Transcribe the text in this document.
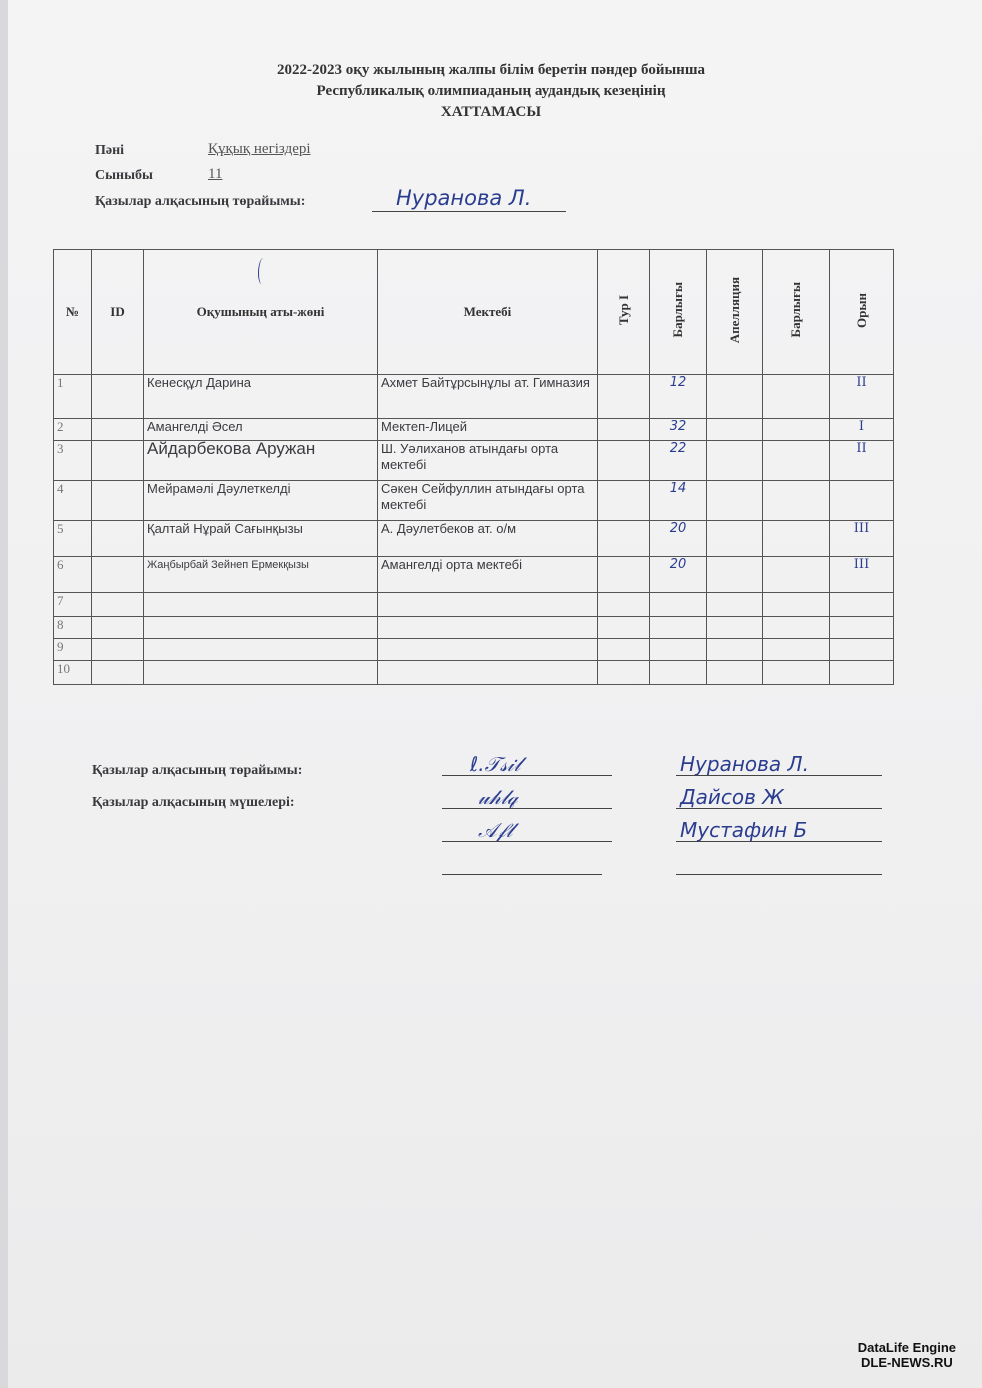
2022-2023 оқу жылының жалпы білім беретін пәндер бойынша
Республикалық олимпиаданың аудандық кезеңінің
ХАТТАМАСЫ
Пәні	Құқық негіздері
Сыныбы	11
Қазылар алқасының төрайымы:	Нуранова Л.
№	ID	Оқушының аты-жөні	Мектебі	Тур І	Барлығы	Апелляция	Барлығы	Орын
1		Кенесқұл Дарина	Ахмет Байтұрсынұлы ат. Гимназия		12			II
2		Амангелді Әсел	Мектеп-Лицей		32			I
3		Айдарбекова Аружан	Ш. Уәлиханов атындағы орта мектебі		22			II
4		Мейрамәлі Дәулеткелді	Сәкен Сейфуллин атындағы орта мектебі		14			
5		Қалтай Нұрай Сағынқызы	А. Дәулетбеков ат. о/м		20			III
6		Жаңбырбай Зейнеп Ермекқызы	Амангелді орта мектебі		20			III
7								
8								
9								
10								
Қазылар алқасының төрайымы:
Қазылар алқасының мүшелері:
ℓ.𝒯𝓈𝒾𝓁
𝓊𝒽𝓁𝓆
𝒜𝒻𝓁
Нуранова Л.
Дайсов Ж
Мустафин Б
DataLife Engine
DLE-NEWS.RU
